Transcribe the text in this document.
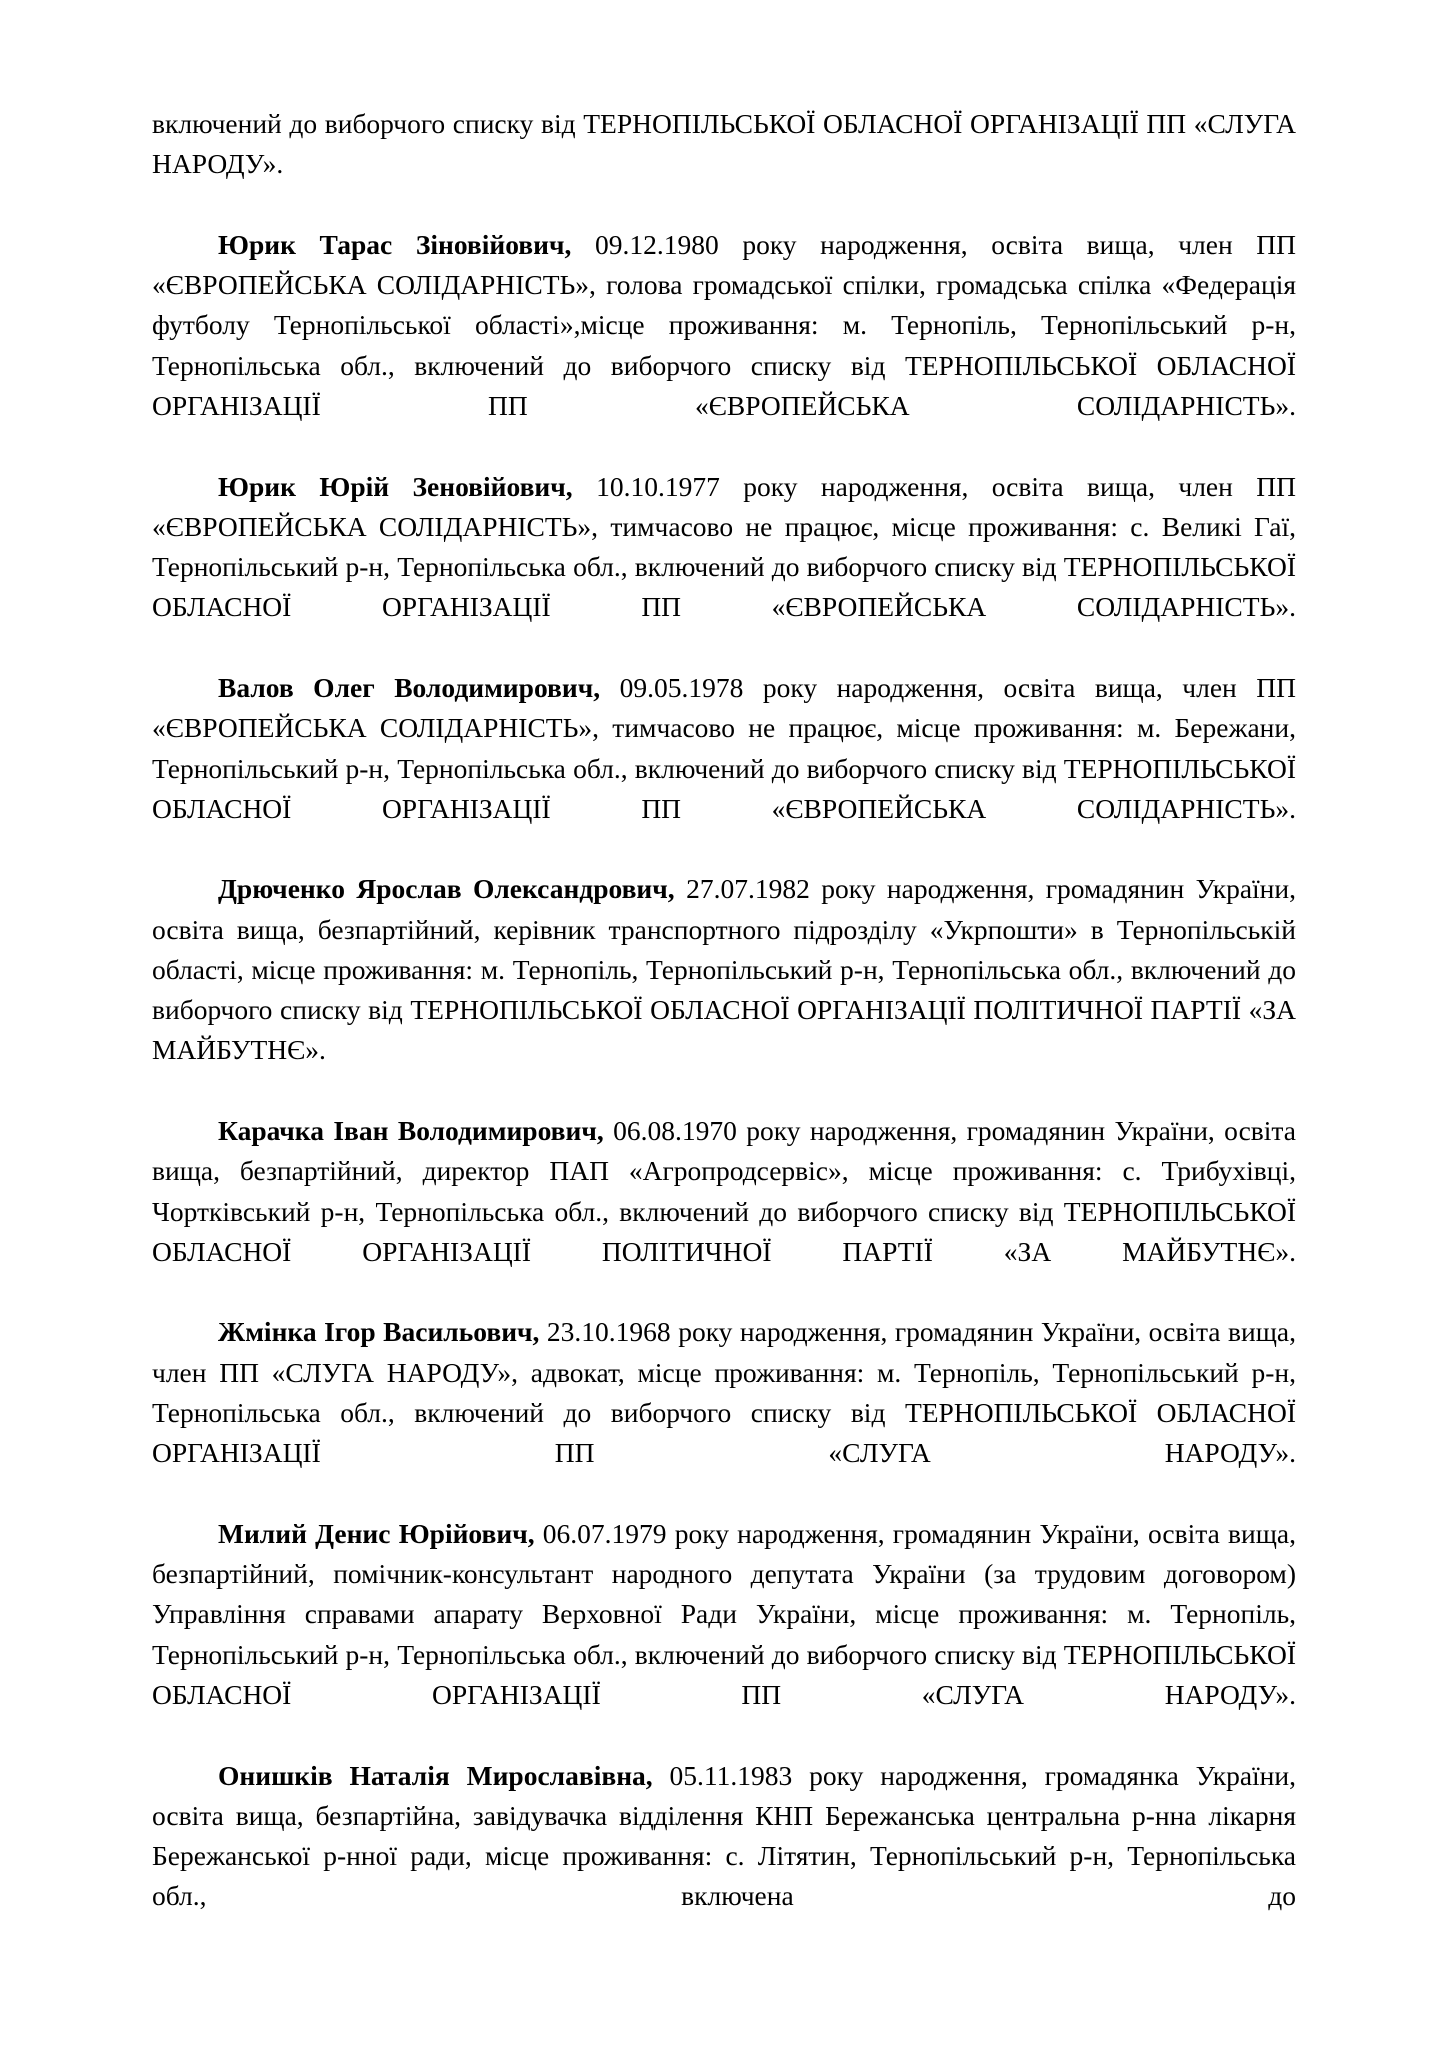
включений до виборчого списку від ТЕРНОПІЛЬСЬКОЇ ОБЛАСНОЇ ОРГАНІЗАЦІЇ ПП «СЛУГА НАРОДУ».

Юрик Тарас Зіновійович, 09.12.1980 року народження, освіта вища, член ПП «ЄВРОПЕЙСЬКА СОЛІДАРНІСТЬ», голова громадської спілки, громадська спілка «Федерація футболу Тернопільської області»,місце проживання: м. Тернопіль, Тернопільський р-н, Тернопільська обл., включений до виборчого списку від ТЕРНОПІЛЬСЬКОЇ ОБЛАСНОЇ ОРГАНІЗАЦІЇ ПП «ЄВРОПЕЙСЬКА СОЛІДАРНІСТЬ».

Юрик Юрій Зеновійович, 10.10.1977 року народження, освіта вища, член ПП «ЄВРОПЕЙСЬКА СОЛІДАРНІСТЬ», тимчасово не працює, місце проживання: с. Великі Гаї, Тернопільський р-н, Тернопільська обл., включений до виборчого списку від ТЕРНОПІЛЬСЬКОЇ ОБЛАСНОЇ ОРГАНІЗАЦІЇ ПП «ЄВРОПЕЙСЬКА СОЛІДАРНІСТЬ».

Валов Олег Володимирович, 09.05.1978 року народження, освіта вища, член ПП «ЄВРОПЕЙСЬКА СОЛІДАРНІСТЬ», тимчасово не працює, місце проживання: м. Бережани, Тернопільський р-н, Тернопільська обл., включений до виборчого списку від ТЕРНОПІЛЬСЬКОЇ ОБЛАСНОЇ ОРГАНІЗАЦІЇ ПП «ЄВРОПЕЙСЬКА СОЛІДАРНІСТЬ».

Дрюченко Ярослав Олександрович, 27.07.1982 року народження, громадянин України, освіта вища, безпартійний, керівник транспортного підрозділу «Укрпошти» в Тернопільській області, місце проживання: м. Тернопіль, Тернопільський р-н, Тернопільська обл., включений до виборчого списку від ТЕРНОПІЛЬСЬКОЇ ОБЛАСНОЇ ОРГАНІЗАЦІЇ ПОЛІТИЧНОЇ ПАРТІЇ «ЗА МАЙБУТНЄ».

Карачка Іван Володимирович, 06.08.1970 року народження, громадянин України, освіта вища, безпартійний, директор ПАП «Агропродсервіс», місце проживання: с. Трибухівці, Чортківський р-н, Тернопільська обл., включений до виборчого списку від ТЕРНОПІЛЬСЬКОЇ ОБЛАСНОЇ ОРГАНІЗАЦІЇ ПОЛІТИЧНОЇ ПАРТІЇ «ЗА МАЙБУТНЄ».

Жмінка Ігор Васильович, 23.10.1968 року народження, громадянин України, освіта вища, член ПП «СЛУГА НАРОДУ», адвокат, місце проживання: м. Тернопіль, Тернопільський р-н, Тернопільська обл., включений до виборчого списку від ТЕРНОПІЛЬСЬКОЇ ОБЛАСНОЇ ОРГАНІЗАЦІЇ ПП «СЛУГА НАРОДУ».

Милий Денис Юрійович, 06.07.1979 року народження, громадянин України, освіта вища, безпартійний, помічник-консультант народного депутата України (за трудовим договором) Управління справами апарату Верховної Ради України, місце проживання: м. Тернопіль, Тернопільський р-н, Тернопільська обл., включений до виборчого списку від ТЕРНОПІЛЬСЬКОЇ ОБЛАСНОЇ ОРГАНІЗАЦІЇ ПП «СЛУГА НАРОДУ».

Онишків Наталія Мирославівна, 05.11.1983 року народження, громадянка України, освіта вища, безпартійна, завідувачка відділення КНП Бережанська центральна р-нна лікарня Бережанської р-нної ради, місце проживання: с. Літятин, Тернопільський р-н, Тернопільська обл., включена до
